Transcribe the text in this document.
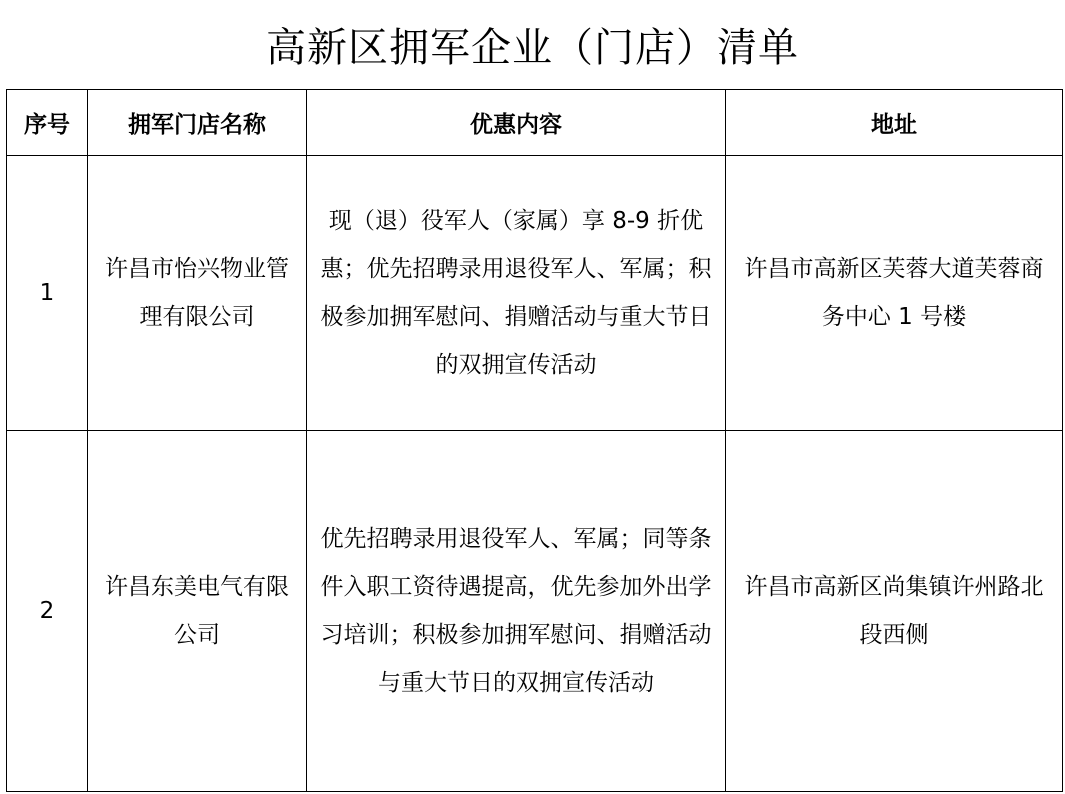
高新区拥军企业（门店）清单
序号	拥军门店名称	优惠内容	地址
1	许昌市怡兴物业管理有限公司	现（退）役军人（家属）享 8-9 折优惠；优先招聘录用退役军人、军属；积极参加拥军慰问、捐赠活动与重大节日的双拥宣传活动	许昌市高新区芙蓉大道芙蓉商务中心 1 号楼
2	许昌东美电气有限公司	优先招聘录用退役军人、军属；同等条件入职工资待遇提高，优先参加外出学习培训；积极参加拥军慰问、捐赠活动与重大节日的双拥宣传活动	许昌市高新区尚集镇许州路北段西侧
